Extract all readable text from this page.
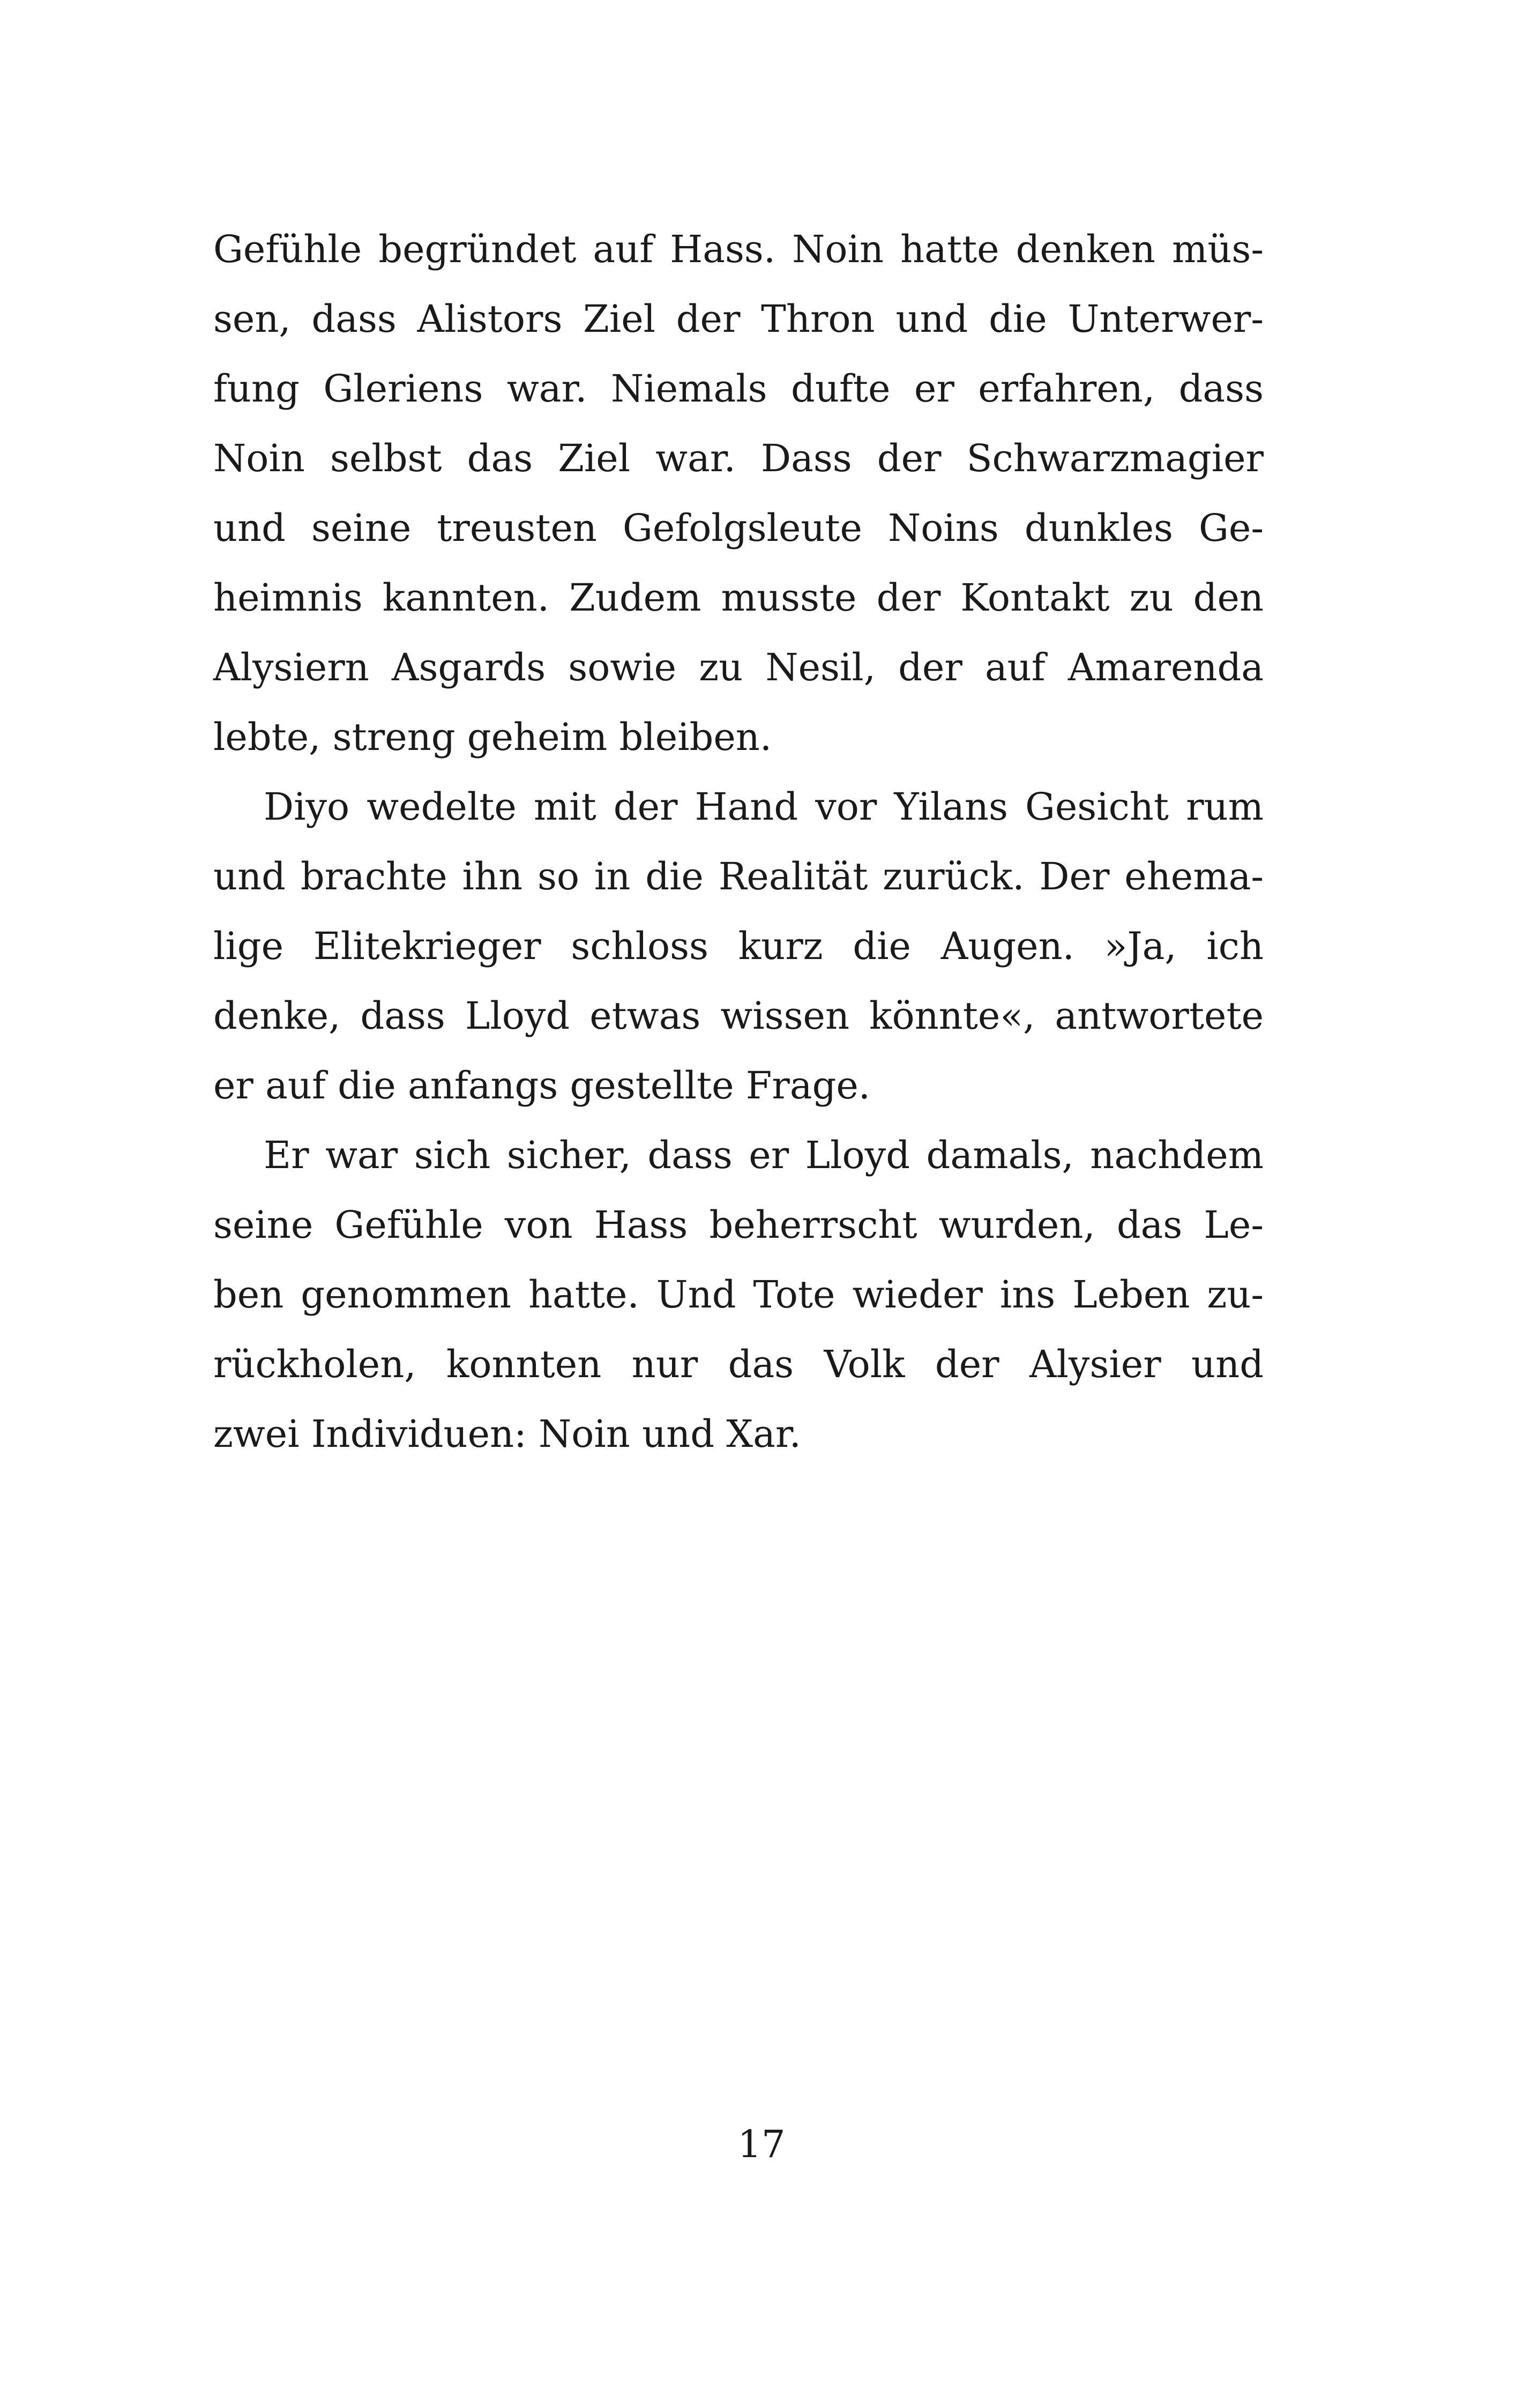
Gefühle begründet auf Hass. Noin hatte denken müs-
sen, dass Alistors Ziel der Thron und die Unterwer-
fung Gleriens war. Niemals dufte er erfahren, dass
Noin selbst das Ziel war. Dass der Schwarzmagier
und seine treusten Gefolgsleute Noins dunkles Ge-
heimnis kannten. Zudem musste der Kontakt zu den
Alysiern Asgards sowie zu Nesil, der auf Amarenda
lebte, streng geheim bleiben.
Diyo wedelte mit der Hand vor Yilans Gesicht rum
und brachte ihn so in die Realität zurück. Der ehema-
lige Elitekrieger schloss kurz die Augen. »Ja, ich
denke, dass Lloyd etwas wissen könnte«, antwortete
er auf die anfangs gestellte Frage.
Er war sich sicher, dass er Lloyd damals, nachdem
seine Gefühle von Hass beherrscht wurden, das Le-
ben genommen hatte. Und Tote wieder ins Leben zu-
rückholen, konnten nur das Volk der Alysier und
zwei Individuen: Noin und Xar.
17
